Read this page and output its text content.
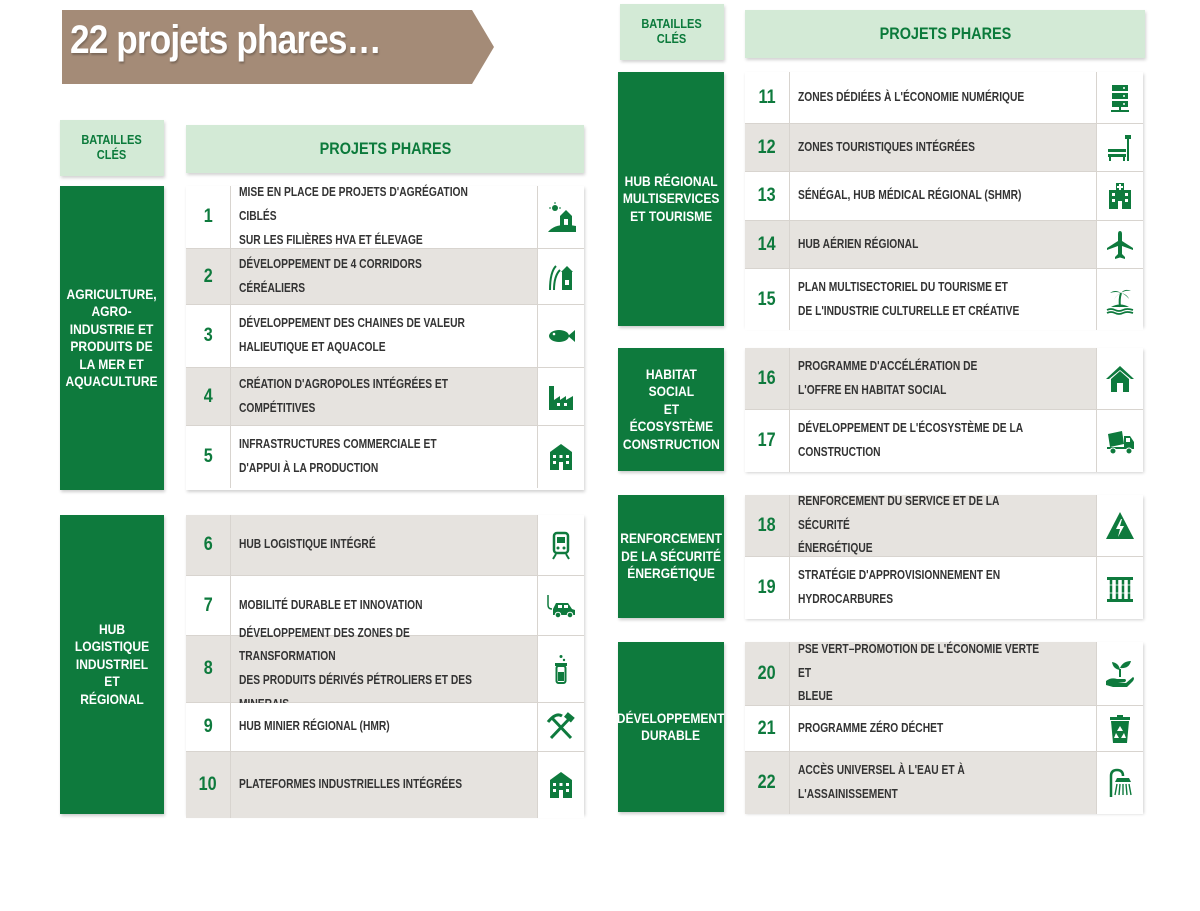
22 projets phares…
BATAILLES
CLÉS	PROJETS PHARES
AGRICULTURE,
AGRO-
INDUSTRIE ET
PRODUITS DE
LA MER ET
AQUACULTURE
HUB
LOGISTIQUE
INDUSTRIEL ET
RÉGIONAL
1
MISE EN PLACE DE PROJETS D'AGRÉGATION CIBLÉS
SUR LES FILIÈRES HVA ET ÉLEVAGE
2
DÉVELOPPEMENT DE 4 CORRIDORS CÉRÉALIERS
3
DÉVELOPPEMENT DES CHAINES DE VALEUR
HALIEUTIQUE ET AQUACOLE
4
CRÉATION D'AGROPOLES INTÉGRÉES ET COMPÉTITIVES
5
INFRASTRUCTURES COMMERCIALE ET
D'APPUI À LA PRODUCTION
6 HUB LOGISTIQUE INTÉGRÉ
7 MOBILITÉ DURABLE ET INNOVATION
8
DÉVELOPPEMENT DES ZONES DE TRANSFORMATION
DES PRODUITS DÉRIVÉS PÉTROLIERS ET DES
9 HUB MINIER RÉGIONAL (HMR)
10 PLATEFORMES INDUSTRIELLES INTÉGRÉES
BATAILLES
CLÉS	PROJETS PHARES
HUB RÉGIONAL
MULTISERVICES
ET TOURISME
HABITAT SOCIAL
ET ÉCOSYSTÈME
CONSTRUCTION
RENFORCEMENT
DE LA SÉCURITÉ
ÉNERGÉTIQUE
DÉVELOPPEMENT
DURABLE
11 ZONES DÉDIÉES À L'ÉCONOMIE NUMÉRIQUE
12 ZONES TOURISTIQUES INTÉGRÉES
13 SÉNÉGAL, HUB MÉDICAL RÉGIONAL (SHMR)
14 HUB AÉRIEN RÉGIONAL
15
PLAN MULTISECTORIEL DU TOURISME ET
DE L'INDUSTRIE CULTURELLE ET CRÉATIVE
16
PROGRAMME D'ACCÉLÉRATION DE
L'OFFRE EN HABITAT SOCIAL
17
DÉVELOPPEMENT DE L'ÉCOSYSTÈME DE LA
CONSTRUCTION
18
RENFORCEMENT DU SERVICE ET DE LA SÉCURITÉ
ÉNERGÉTIQUE
19
STRATÉGIE D'APPROVISIONNEMENT EN
HYDROCARBURES
20
PSE VERT–PROMOTION DE L'ÉCONOMIE VERTE ET
BLEUE
21 PROGRAMME ZÉRO DÉCHET
22
ACCÈS UNIVERSEL À L'EAU ET À L'ASSAINISSEMENT
